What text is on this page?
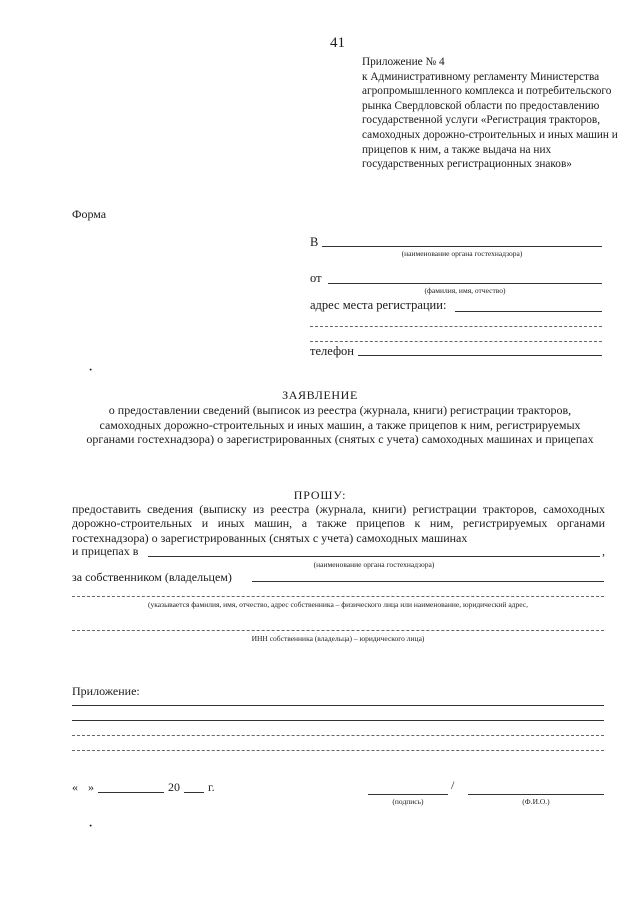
41
Приложение № 4
к Административному регламенту Министерства агропромышленного комплекса и потребительского рынка Свердловской области по предоставлению государственной услуги «Регистрация тракторов, самоходных дорожно-строительных и иных машин и прицепов к ним, а также выдача на них государственных регистрационных знаков»
Форма
В
(наименование органа гостехнадзора)
от
(фамилия, имя, отчество)
адрес места регистрации:
телефон
·
ЗАЯВЛЕНИЕ
о предоставлении сведений (выписок из реестра (журнала, книги) регистрации тракторов, самоходных дорожно-строительных и иных машин, а также прицепов к ним, регистрируемых органами гостехнадзора) о зарегистрированных (снятых с учета) самоходных машинах и прицепах
ПРОШУ:
предоставить сведения (выписку из реестра (журнала, книги) регистрации тракторов, самоходных дорожно-строительных и иных машин, а также прицепов к ним, регистрируемых органами гостехнадзора) о зарегистрированных (снятых с учета) самоходных машинах
и прицепах в	,
(наименование органа гостехнадзора)
за собственником (владельцем)
(указывается фамилия, имя, отчество, адрес собственника – физического лица или наименование, юридический адрес,
ИНН собственника (владельца) – юридического лица)
Приложение:
« »	20 г.	/
(подпись)	(Ф.И.О.)
·
